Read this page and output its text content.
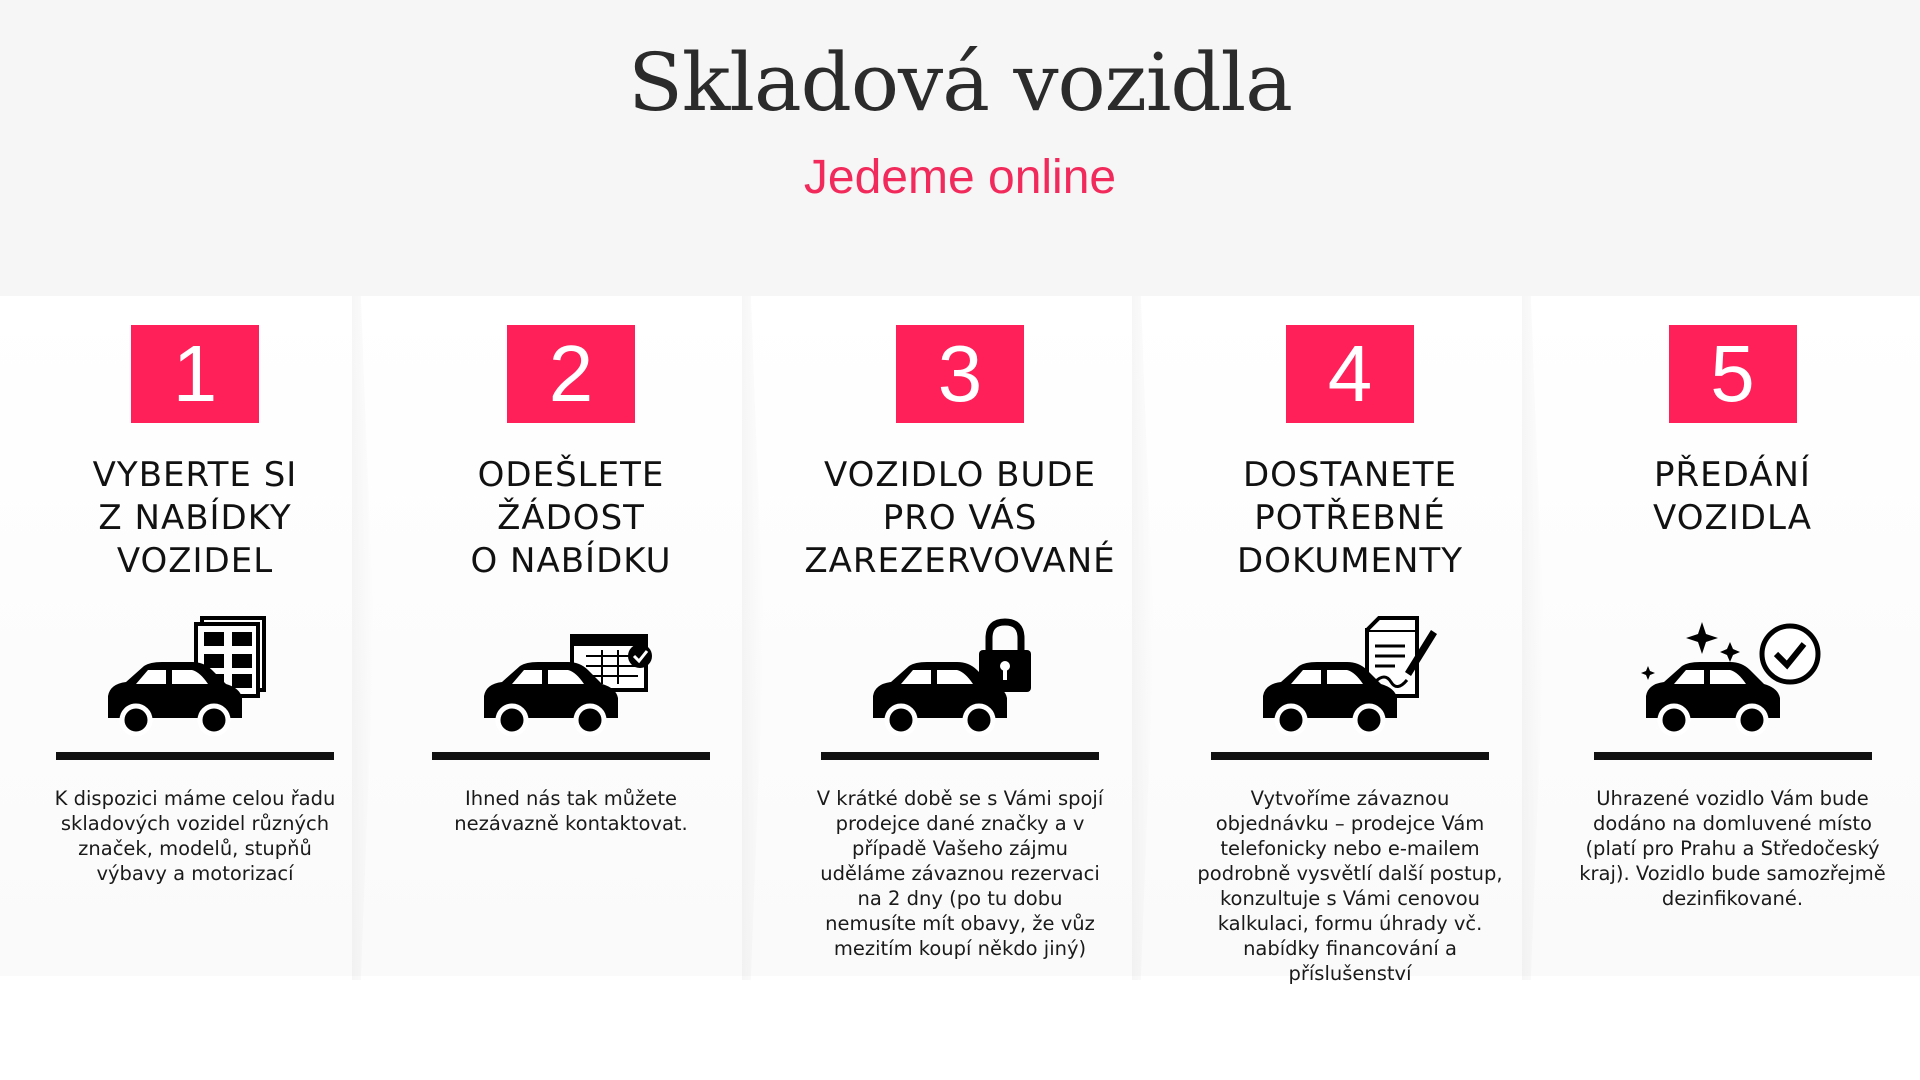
Skladová vozidla
Jedeme online
1
VYBERTE SI
Z NABÍDKY
VOZIDEL
K dispozici máme celou řadu
skladových vozidel různých
značek, modelů, stupňů
výbavy a motorizací
2
ODEŠLETE
ŽÁDOST
O NABÍDKU
Ihned nás tak můžete
nezávazně kontaktovat.
3
VOZIDLO BUDE
PRO VÁS
ZAREZERVOVANÉ
V krátké době se s Vámi spojí
prodejce dané značky a v
případě Vašeho zájmu
uděláme závaznou rezervaci
na 2 dny (po tu dobu
nemusíte mít obavy, že vůz
mezitím koupí někdo jiný)
4
DOSTANETE
POTŘEBNÉ
DOKUMENTY
Vytvoříme závaznou
objednávku – prodejce Vám
telefonicky nebo e-mailem
podrobně vysvětlí další postup,
konzultuje s Vámi cenovou
kalkulaci, formu úhrady vč.
nabídky financování a
příslušenství
5
PŘEDÁNÍ
VOZIDLA
Uhrazené vozidlo Vám bude
dodáno na domluvené místo
(platí pro Prahu a Středočeský
kraj). Vozidlo bude samozřejmě
dezinfikované.
